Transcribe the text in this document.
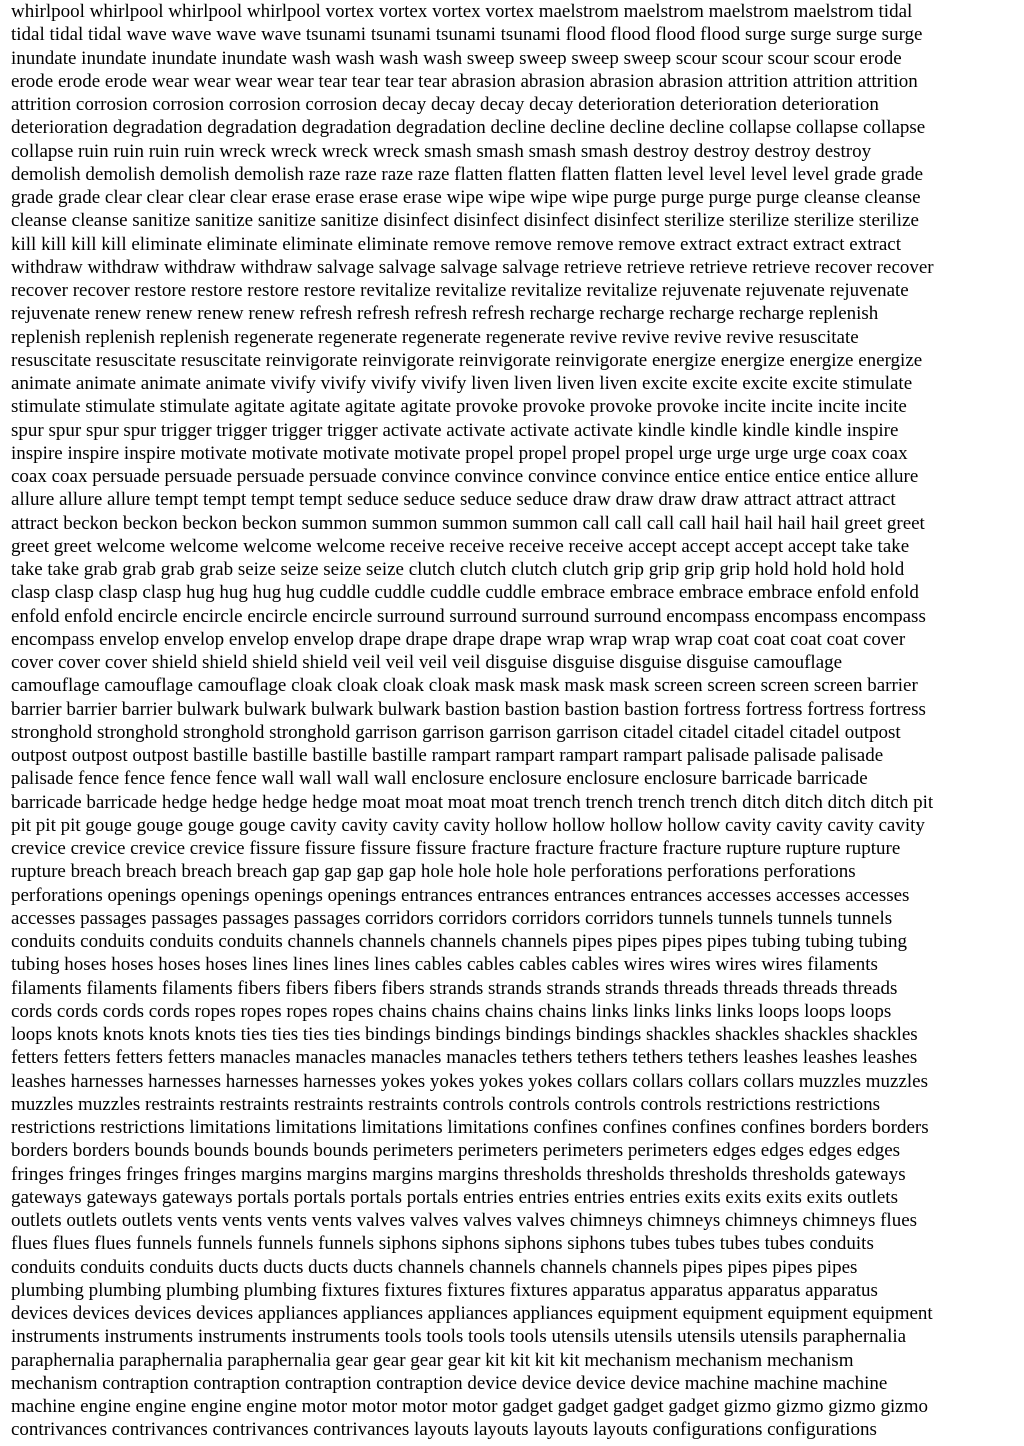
whirlpool whirlpool whirlpool whirlpool vortex vortex vortex vortex maelstrom maelstrom maelstrom maelstrom tidal
tidal tidal tidal wave wave wave wave tsunami tsunami tsunami tsunami flood flood flood flood surge surge surge surge
inundate inundate inundate inundate wash wash wash wash sweep sweep sweep sweep scour scour scour scour erode
erode erode erode wear wear wear wear tear tear tear tear abrasion abrasion abrasion abrasion attrition attrition attrition
attrition corrosion corrosion corrosion corrosion decay decay decay decay deterioration deterioration deterioration
deterioration degradation degradation degradation degradation decline decline decline decline collapse collapse collapse
collapse ruin ruin ruin ruin wreck wreck wreck wreck smash smash smash smash destroy destroy destroy destroy
demolish demolish demolish demolish raze raze raze raze flatten flatten flatten flatten level level level level grade grade
grade grade clear clear clear clear erase erase erase erase wipe wipe wipe wipe purge purge purge purge cleanse cleanse
cleanse cleanse sanitize sanitize sanitize sanitize disinfect disinfect disinfect disinfect sterilize sterilize sterilize sterilize
kill kill kill kill eliminate eliminate eliminate eliminate remove remove remove remove extract extract extract extract
withdraw withdraw withdraw withdraw salvage salvage salvage salvage retrieve retrieve retrieve retrieve recover recover
recover recover restore restore restore restore revitalize revitalize revitalize revitalize rejuvenate rejuvenate rejuvenate
rejuvenate renew renew renew renew refresh refresh refresh refresh recharge recharge recharge recharge replenish
replenish replenish replenish regenerate regenerate regenerate regenerate revive revive revive revive resuscitate
resuscitate resuscitate resuscitate reinvigorate reinvigorate reinvigorate reinvigorate energize energize energize energize
animate animate animate animate vivify vivify vivify vivify liven liven liven liven excite excite excite excite stimulate
stimulate stimulate stimulate agitate agitate agitate agitate provoke provoke provoke provoke incite incite incite incite
spur spur spur spur trigger trigger trigger trigger activate activate activate activate kindle kindle kindle kindle inspire
inspire inspire inspire motivate motivate motivate motivate propel propel propel propel urge urge urge urge coax coax
coax coax persuade persuade persuade persuade convince convince convince convince entice entice entice entice allure
allure allure allure tempt tempt tempt tempt seduce seduce seduce seduce draw draw draw draw attract attract attract
attract beckon beckon beckon beckon summon summon summon summon call call call call hail hail hail hail greet greet
greet greet welcome welcome welcome welcome receive receive receive receive accept accept accept accept take take
take take grab grab grab grab seize seize seize seize clutch clutch clutch clutch grip grip grip grip hold hold hold hold
clasp clasp clasp clasp hug hug hug hug cuddle cuddle cuddle cuddle embrace embrace embrace embrace enfold enfold
enfold enfold encircle encircle encircle encircle surround surround surround surround encompass encompass encompass
encompass envelop envelop envelop envelop drape drape drape drape wrap wrap wrap wrap coat coat coat coat cover
cover cover cover shield shield shield shield veil veil veil veil disguise disguise disguise disguise camouflage
camouflage camouflage camouflage cloak cloak cloak cloak mask mask mask mask screen screen screen screen barrier
barrier barrier barrier bulwark bulwark bulwark bulwark bastion bastion bastion bastion fortress fortress fortress fortress
stronghold stronghold stronghold stronghold garrison garrison garrison garrison citadel citadel citadel citadel outpost
outpost outpost outpost bastille bastille bastille bastille rampart rampart rampart rampart palisade palisade palisade
palisade fence fence fence fence wall wall wall wall enclosure enclosure enclosure enclosure barricade barricade
barricade barricade hedge hedge hedge hedge moat moat moat moat trench trench trench trench ditch ditch ditch ditch pit
pit pit pit gouge gouge gouge gouge cavity cavity cavity cavity hollow hollow hollow hollow cavity cavity cavity cavity
crevice crevice crevice crevice fissure fissure fissure fissure fracture fracture fracture fracture rupture rupture rupture
rupture breach breach breach breach gap gap gap gap hole hole hole hole perforations perforations perforations
perforations openings openings openings openings entrances entrances entrances entrances accesses accesses accesses
accesses passages passages passages passages corridors corridors corridors corridors tunnels tunnels tunnels tunnels
conduits conduits conduits conduits channels channels channels channels pipes pipes pipes pipes tubing tubing tubing
tubing hoses hoses hoses hoses lines lines lines lines cables cables cables cables wires wires wires wires filaments
filaments filaments filaments fibers fibers fibers fibers strands strands strands strands threads threads threads threads
cords cords cords cords ropes ropes ropes ropes chains chains chains chains links links links links loops loops loops
loops knots knots knots knots ties ties ties ties bindings bindings bindings bindings shackles shackles shackles shackles
fetters fetters fetters fetters manacles manacles manacles manacles tethers tethers tethers tethers leashes leashes leashes
leashes harnesses harnesses harnesses harnesses yokes yokes yokes yokes collars collars collars collars muzzles muzzles
muzzles muzzles restraints restraints restraints restraints controls controls controls controls restrictions restrictions
restrictions restrictions limitations limitations limitations limitations confines confines confines confines borders borders
borders borders bounds bounds bounds bounds perimeters perimeters perimeters perimeters edges edges edges edges
fringes fringes fringes fringes margins margins margins margins thresholds thresholds thresholds thresholds gateways
gateways gateways gateways portals portals portals portals entries entries entries entries exits exits exits exits outlets
outlets outlets outlets vents vents vents vents valves valves valves valves chimneys chimneys chimneys chimneys flues
flues flues flues funnels funnels funnels funnels siphons siphons siphons siphons tubes tubes tubes tubes conduits
conduits conduits conduits ducts ducts ducts ducts channels channels channels channels pipes pipes pipes pipes
plumbing plumbing plumbing plumbing fixtures fixtures fixtures fixtures apparatus apparatus apparatus apparatus
devices devices devices devices appliances appliances appliances appliances equipment equipment equipment equipment
instruments instruments instruments instruments tools tools tools tools utensils utensils utensils utensils paraphernalia
paraphernalia paraphernalia paraphernalia gear gear gear gear kit kit kit kit mechanism mechanism mechanism
mechanism contraption contraption contraption contraption device device device device machine machine machine
machine engine engine engine engine motor motor motor motor gadget gadget gadget gadget gizmo gizmo gizmo gizmo
contrivances contrivances contrivances contrivances layouts layouts layouts layouts configurations configurations
